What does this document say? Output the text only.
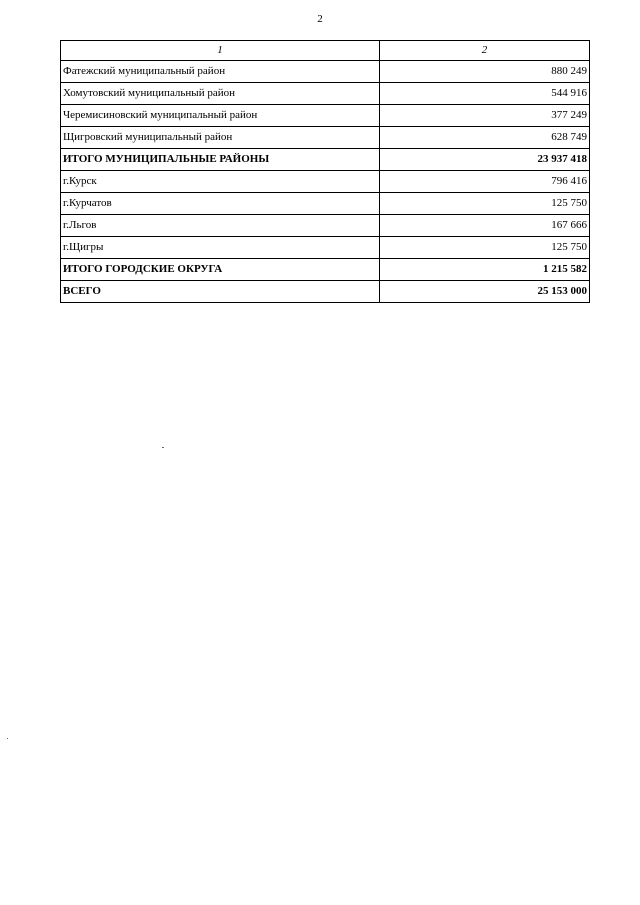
2
1	2
Фатежский муниципальный район	880 249
Хомутовский муниципальный район	544 916
Черемисиновский муниципальный район	377 249
Щигровский муниципальный район	628 749
ИТОГО МУНИЦИПАЛЬНЫЕ РАЙОНЫ	23 937 418
г.Курск	796 416
г.Курчатов	125 750
г.Льгов	167 666
г.Щигры	125 750
ИТОГО ГОРОДСКИЕ ОКРУГА	1 215 582
ВСЕГО	25 153 000
